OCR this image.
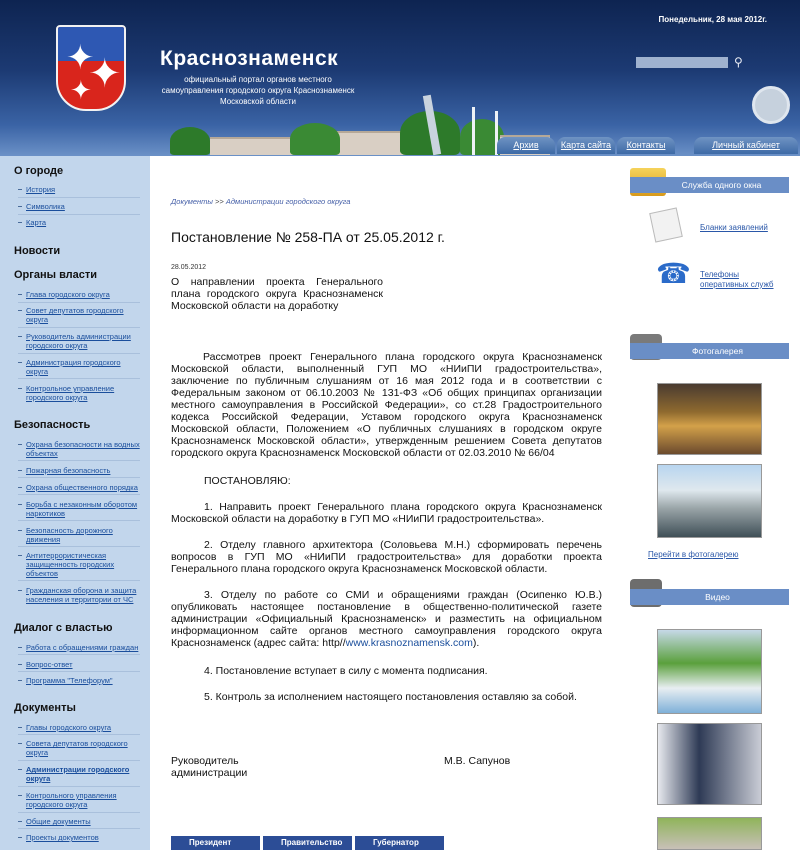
✦
✦
✦
Краснознаменск
официальный портал органов местного самоуправления городского округа Краснознаменск Московской области
Понедельник, 28 мая 2012г.
⚲
Архив	Карта сайта	Контакты	Личный кабинет
О городе
История
Символика
Карта
Новости
Органы власти
Глава городского округа
Совет депутатов городского округа
Руководитель администрации городского округа
Администрация городского округа
Контрольное управление городского округа
Безопасность
Охрана безопасности на водных объектах
Пожарная безопасность
Охрана общественного порядка
Борьба с незаконным оборотом наркотиков
Безопасность дорожного движения
Антитеррористическая защищенность городских объектов
Гражданская оборона и защита населения и территории от ЧС
Диалог с властью
Работа с обращениями граждан
Вопрос-ответ
Программа "Телефорум"
Документы
Главы городского округа
Совета депутатов городского округа
Администрации городского округа
Контрольного управления городского округа
Общие документы
Проекты документов
Документы >> Администрации городского округа
Постановление № 258-ПА от 25.05.2012 г.
28.05.2012
О направлении проекта Генерального плана городского округа Краснознаменск Московской области на доработку
Рассмотрев проект Генерального плана городского округа Краснознаменск Московской области, выполненный ГУП МО «НИиПИ градостроительства», заключение по публичным слушаниям от 16 мая 2012 года и в соответствии с Федеральным законом от 06.10.2003 № 131-ФЗ «Об общих принципах организации местного самоуправления в Российской Федерации», со ст.28 Градостроительного кодекса Российской Федерации, Уставом городского округа Краснознаменск Московской области, Положением «О публичных слушаниях в городском округе Краснознаменск Московской области», утвержденным решением Совета депутатов городского округа Краснознаменск Московской области от 02.03.2010 № 66/04
ПОСТАНОВЛЯЮ:
1. Направить проект Генерального плана городского округа Краснознаменск Московской области на доработку в ГУП МО «НИиПИ градостроительства».
2. Отделу главного архитектора (Соловьева М.Н.) сформировать перечень вопросов в ГУП МО «НИиПИ градостроительства» для доработки проекта Генерального плана городского округа Краснознаменск Московской области.
3. Отделу по работе со СМИ и обращениями граждан (Осипенко Ю.В.) опубликовать настоящее постановление в общественно-политической газете администрации «Официальный Краснознаменск» и разместить на официальном информационном сайте органов местного самоуправления городского округа Краснознаменск (адрес сайта: http//www.krasnoznamensk.com).
4. Постановление вступает в силу с момента подписания.
5. Контроль за исполнением настоящего постановления оставляю за собой.
Руководитель администрации
М.В. Сапунов
Президент	Правительство	Губернатор
Служба одного окна
Бланки заявлений
☎ Телефоны оперативных служб
Фотогалерея
Перейти в фотогалерею
Видео
